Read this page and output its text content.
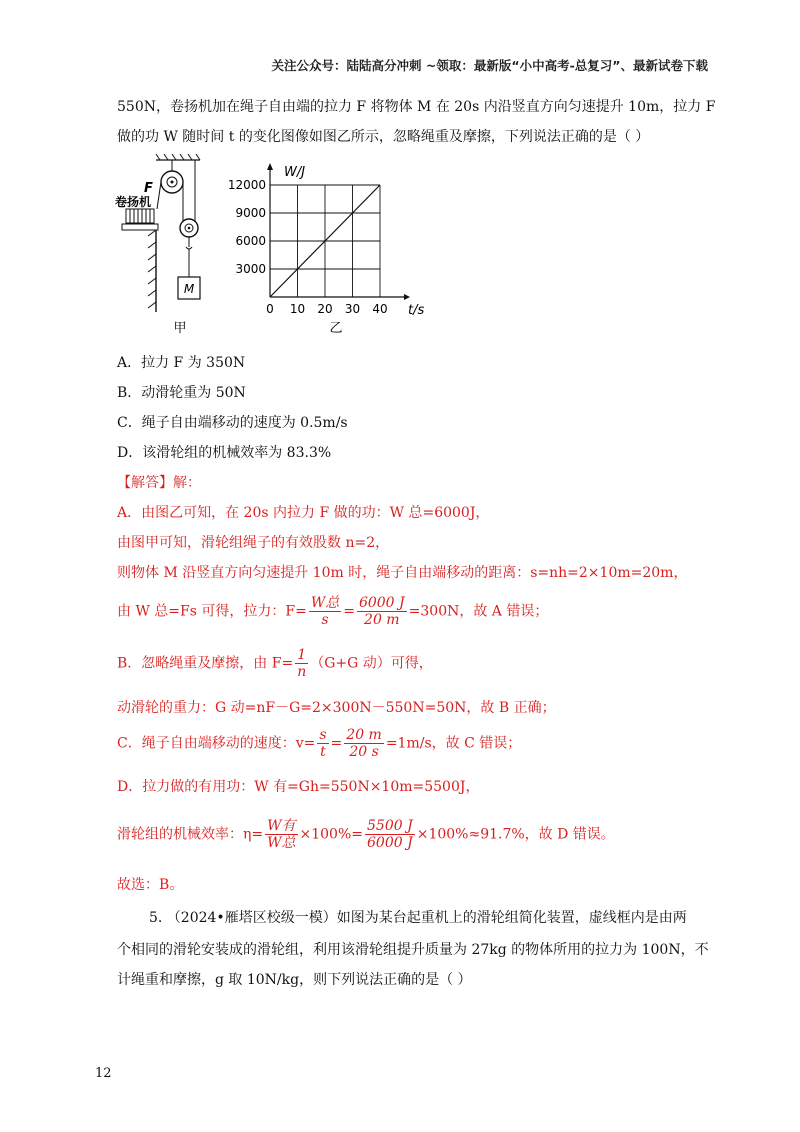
关注公众号：陆陆高分冲刺 ~领取：最新版“小中高考-总复习”、最新试卷下载
550N，卷扬机加在绳子自由端的拉力 F 将物体 M 在 20s 内沿竖直方向匀速提升 10m，拉力 F
做的功 W 随时间 t 的变化图像如图乙所示，忽略绳重及摩擦，下列说法正确的是（ ）
M
F
卷扬机
甲
0 10 20 30 40
3000
6000
9000
12000
W/J
t/s
乙
A．拉力 F 为 350N
B．动滑轮重为 50N
C．绳子自由端移动的速度为 0.5m/s
D．该滑轮组的机械效率为 83.3%
【解答】解：
A．由图乙可知，在 20s 内拉力 F 做的功：W 总=6000J，
由图甲可知，滑轮组绳子的有效股数 n=2，
则物体 M 沿竖直方向匀速提升 10m 时，绳子自由端移动的距离：s=nh=2×10m=20m，
由 W 总=Fs 可得，拉力：$F= \frac{\text{W总}}{s} = \frac{6000 J}{20 m} =300N$，故 A 错误；
B．忽略绳重及摩擦，由 $F= \frac{1}{n} (G+G$ 动）可得，
动滑轮的重力：G 动=nF－G=2×300N－550N=50N，故 B 正确；
C．绳子自由端移动的速度：$v= \frac{s}{t} = \frac{20 m}{20 s} =1m/s$，故 C 错误；
D．拉力做的有用功：W 有=Gh=550N×10m=5500J，
滑轮组的机械效率：$\eta= \frac{\text{W有}}{\text{W总}} \times 100\%= \frac{5500 J}{6000 J} \times 100\%\approx 91.7\%$，故 D 错误。
故选：B。
5. （2024•雁塔区校级一模）如图为某台起重机上的滑轮组简化装置，虚线框内是由两
个相同的滑轮安装成的滑轮组，利用该滑轮组提升质量为 27kg 的物体所用的拉力为 100N，不
计绳重和摩擦，g 取 10N/kg，则下列说法正确的是（ ）
12
